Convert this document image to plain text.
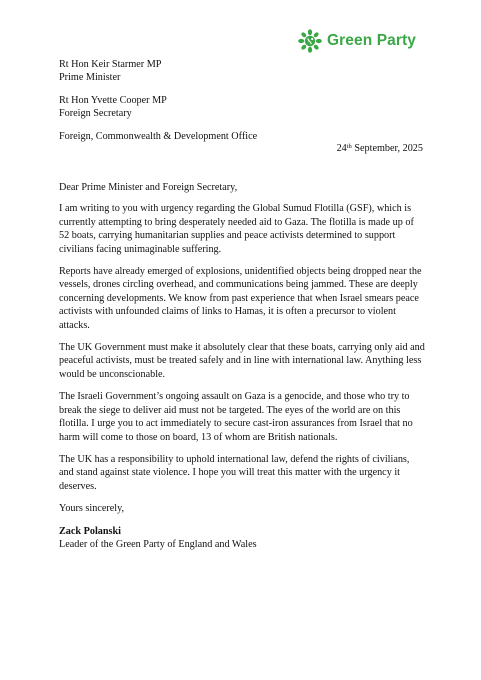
Green Party

Rt Hon Keir Starmer MP

Prime Minister

Rt Hon Yvette Cooper MP

Foreign Secretary

Foreign, Commonwealth & Development Office

24th September, 2025

Dear Prime Minister and Foreign Secretary,

I am writing to you with urgency regarding the Global Sumud Flotilla (GSF), which is currently attempting to bring desperately needed aid to Gaza. The flotilla is made up of 52 boats, carrying humanitarian supplies and peace activists determined to support civilians facing unimaginable suffering.

Reports have already emerged of explosions, unidentified objects being dropped near the vessels, drones circling overhead, and communications being jammed. These are deeply concerning developments. We know from past experience that when Israel smears peace activists with unfounded claims of links to Hamas, it is often a precursor to violent attacks.

The UK Government must make it absolutely clear that these boats, carrying only aid and peaceful activists, must be treated safely and in line with international law. Anything less would be unconscionable.

The Israeli Government’s ongoing assault on Gaza is a genocide, and those who try to break the siege to deliver aid must not be targeted. The eyes of the world are on this flotilla. I urge you to act immediately to secure cast-iron assurances from Israel that no harm will come to those on board, 13 of whom are British nationals.

The UK has a responsibility to uphold international law, defend the rights of civilians, and stand against state violence. I hope you will treat this matter with the urgency it deserves.

Yours sincerely,

Zack Polanski

Leader of the Green Party of England and Wales
